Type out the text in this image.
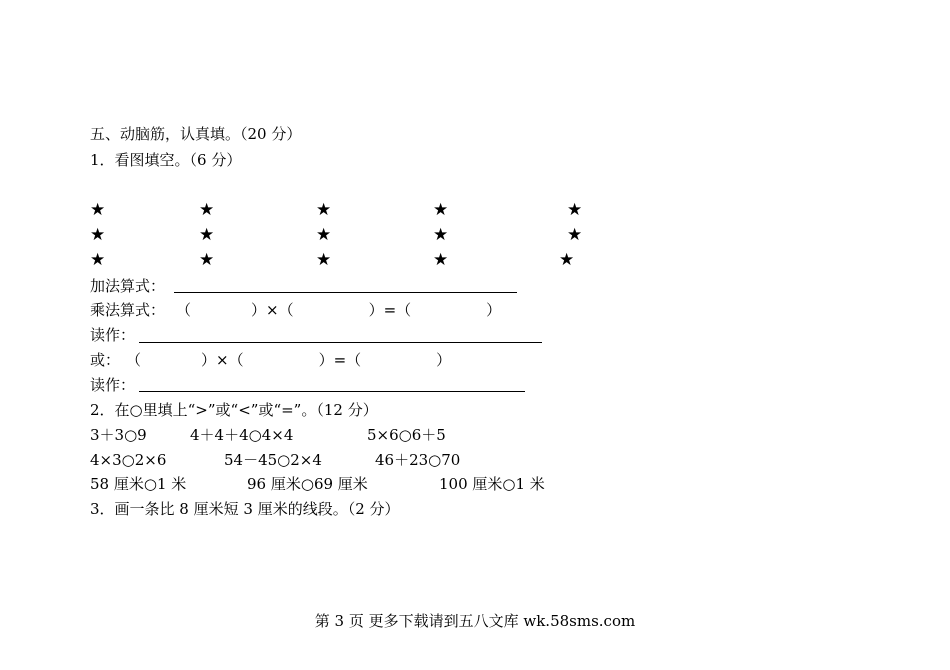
五、动脑筋，认真填。（20 分）
1．看图填空。（6 分）
★	★	★	★	★
★	★	★	★	★
★	★	★	★	★
加法算式：
乘法算式： （　　　　）×（　　　　　）=（　　　　　）
读作：
或： （　　　　）×（　　　　　）=（　　　　　）
读作：
2．在○里填上“>”或“<”或“=”。（12 分）
3＋3○9	4＋4＋4○4×4	5×6○6＋5
4×3○2×6	54－45○2×4	46＋23○70
58 厘米○1 米	96 厘米○69 厘米	100 厘米○1 米
3．画一条比 8 厘米短 3 厘米的线段。（2 分）
第 3 页 更多下载请到五八文库 wk.58sms.com
